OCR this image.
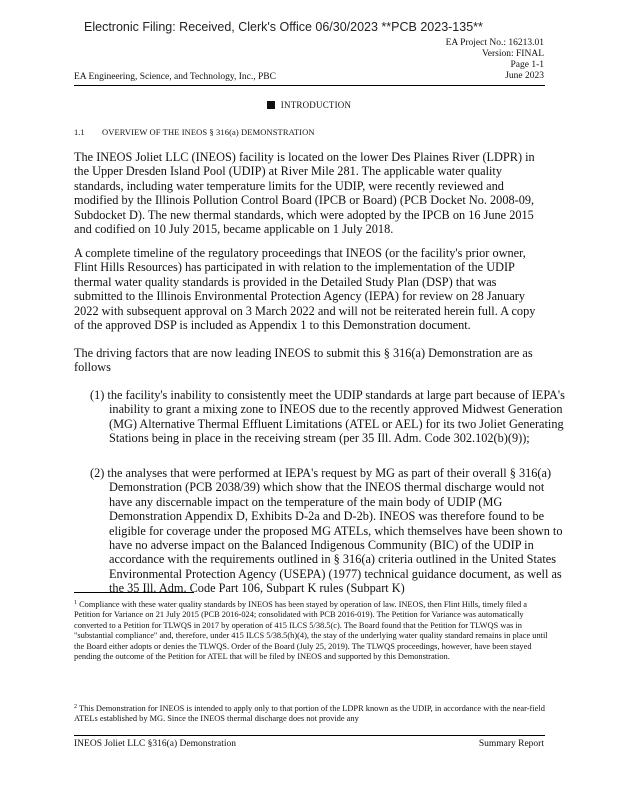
Electronic Filing: Received, Clerk's Office 06/30/2023 **PCB 2023-135**
EA Project No.: 16213.01
Version: FINAL
Page 1-1
June 2023
EA Engineering, Science, and Technology, Inc., PBC
INTRODUCTION
1.1 OVERVIEW OF THE INEOS § 316(a) DEMONSTRATION
The INEOS Joliet LLC (INEOS) facility is located on the lower Des Plaines River (LDPR) in the Upper Dresden Island Pool (UDIP) at River Mile 281. The applicable water quality standards, including water temperature limits for the UDIP, were recently reviewed and modified by the Illinois Pollution Control Board (IPCB or Board) (PCB Docket No. 2008-09, Subdocket D). The new thermal standards, which were adopted by the IPCB on 16 June 2015 and codified on 10 July 2015, became applicable on 1 July 2018.
A complete timeline of the regulatory proceedings that INEOS (or the facility's prior owner, Flint Hills Resources) has participated in with relation to the implementation of the UDIP thermal water quality standards is provided in the Detailed Study Plan (DSP) that was submitted to the Illinois Environmental Protection Agency (IEPA) for review on 28 January 2022 with subsequent approval on 3 March 2022 and will not be reiterated herein full. A copy of the approved DSP is included as Appendix 1 to this Demonstration document.
The driving factors that are now leading INEOS to submit this § 316(a) Demonstration are as follows
(1) the facility's inability to consistently meet the UDIP standards at large part because of IEPA's inability to grant a mixing zone to INEOS due to the recently approved Midwest Generation (MG) Alternative Thermal Effluent Limitations (ATEL or AEL) for its two Joliet Generating Stations being in place in the receiving stream (per 35 Ill. Adm. Code 302.102(b)(9));
(2) the analyses that were performed at IEPA's request by MG as part of their overall § 316(a) Demonstration (PCB 2038/39) which show that the INEOS thermal discharge would not have any discernable impact on the temperature of the main body of UDIP (MG Demonstration Appendix D, Exhibits D-2a and D-2b). INEOS was therefore found to be eligible for coverage under the proposed MG ATELs, which themselves have been shown to have no adverse impact on the Balanced Indigenous Community (BIC) of the UDIP in accordance with the requirements outlined in § 316(a) criteria outlined in the United States Environmental Protection Agency (USEPA) (1977) technical guidance document, as well as the 35 Ill. Adm. Code Part 106, Subpart K rules (Subpart K)
$^1$ Compliance with these water quality standards by INEOS has been stayed by operation of law. INEOS, then Flint Hills, timely filed a Petition for Variance on 21 July 2015 (PCB 2016-024; consolidated with PCB 2016-019). The Petition for Variance was automatically converted to a Petition for TLWQS in 2017 by operation of 415 ILCS 5/38.5(c). The Board found that the Petition for TLWQS was in "substantial compliance" and, therefore, under 415 ILCS 5/38.5(h)(4), the stay of the underlying water quality standard remains in place until the Board either adopts or denies the TLWQS. Order of the Board (July 25, 2019). The TLWQS proceedings, however, have been stayed pending the outcome of the Petition for ATEL that will be filed by INEOS and supported by this Demonstration.
$^2$ This Demonstration for INEOS is intended to apply only to that portion of the LDPR known as the UDIP, in accordance with the near-field ATELs established by MG. Since the INEOS thermal discharge does not provide any
INEOS Joliet LLC §316(a) Demonstration	Summary Report
